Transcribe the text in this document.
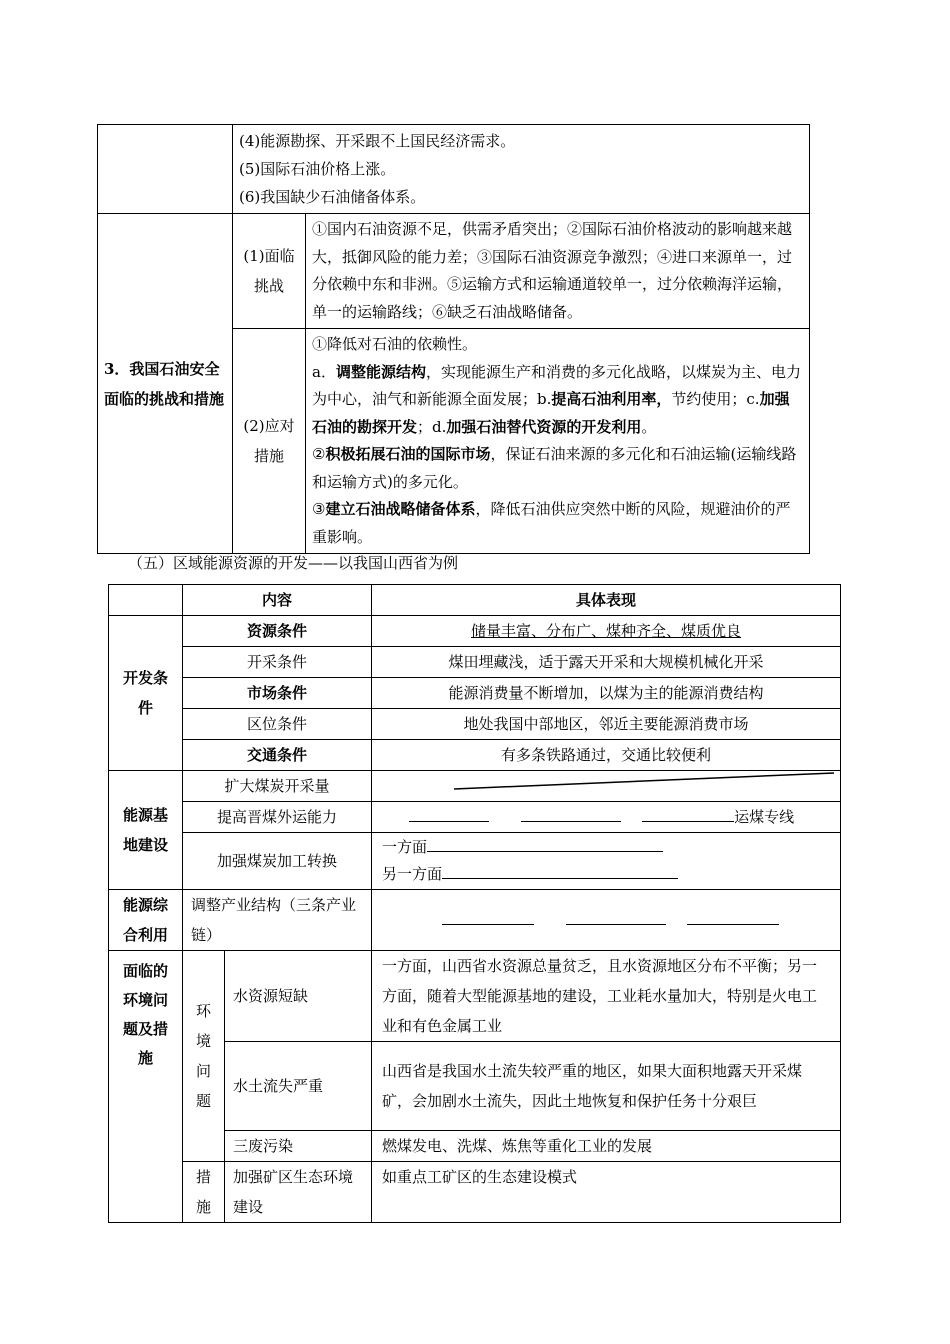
	(4)能源勘探、开采跟不上国民经济需求。
(5)国际石油价格上涨。
(6)我国缺少石油储备体系。	

3．我国石油安全面临的挑战和措施	(1)面临挑战	①国内石油资源不足，供需矛盾突出；②国际石油价格波动的影响越来越大，抵御风险的能力差；③国际石油资源竞争激烈；④进口来源单一，过分依赖中东和非洲。⑤运输方式和运输通道较单一，过分依赖海洋运输，单一的运输路线；⑥缺乏石油战略储备。
	(2)应对措施	①降低对石油的依赖性。
a．调整能源结构，实现能源生产和消费的多元化战略，以煤炭为主、电力为中心，油气和新能源全面发展；b.提高石油利用率，节约使用；c.加强石油的勘探开发；d.加强石油替代资源的开发利用。
②积极拓展石油的国际市场，保证石油来源的多元化和石油运输(运输线路和运输方式)的多元化。
③建立石油战略储备体系，降低石油供应突然中断的风险，规避油价的严重影响。
（五）区域能源资源的开发——以我国山西省为例
	内容		具体表现
开发条件	资源条件		储量丰富、分布广、煤种齐全、煤质优良
	开采条件		煤田埋藏浅，适于露天开采和大规模机械化开采
	市场条件		能源消费量不断增加，以煤为主的能源消费结构
	区位条件		地处我国中部地区，邻近主要能源消费市场
	交通条件		有多条铁路通过，交通比较便利
能源基地建设	扩大煤炭开采量	

	提高晋煤外运能力		运煤专线
	加强煤炭加工转换		一方面
另一方面

能源综合利用	调整产业结构（三条产业链）		
面临的环境问题及措施	环境问题	水资源短缺	一方面，山西省水资源总量贫乏，且水资源地区分布不平衡；另一方面，随着大型能源基地的建设，工业耗水量加大，特别是火电工业和有色金属工业
		水土流失严重	山西省是我国水土流失较严重的地区，如果大面积地露天开采煤矿，会加剧水土流失，因此土地恢复和保护任务十分艰巨
		三废污染	燃煤发电、洗煤、炼焦等重化工业的发展
	措施	加强矿区生态环境建设	如重点工矿区的生态建设模式
